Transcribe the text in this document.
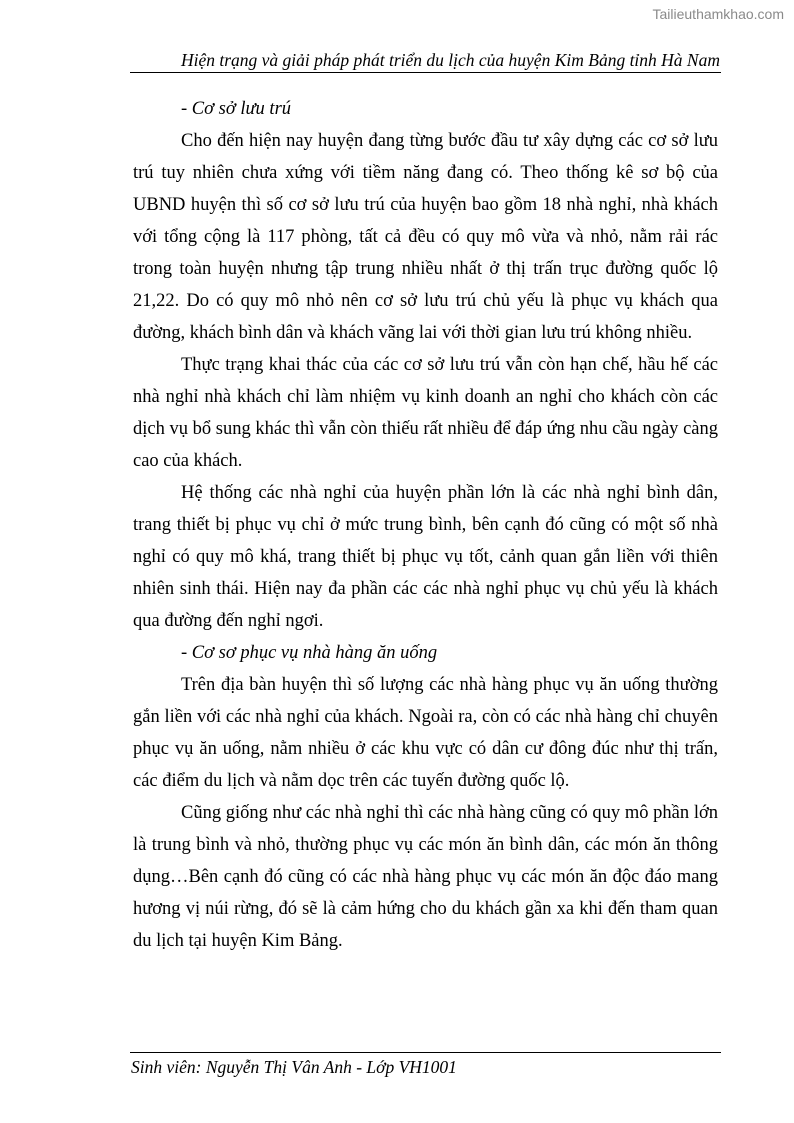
Tailieuthamkhao.com
Hiện trạng và giải pháp phát triển du lịch của huyện Kim Bảng tỉnh Hà Nam

- Cơ sở lưu trú

Cho đến hiện nay huyện đang từng bước đầu tư xây dựng các cơ sở lưu trú tuy nhiên chưa xứng với tiềm năng đang có. Theo thống kê sơ bộ của UBND huyện thì số cơ sở lưu trú của huyện bao gồm 18 nhà nghỉ, nhà khách với tổng cộng là 117 phòng, tất cả đều có quy mô vừa và nhỏ, nằm rải rác trong toàn huyện nhưng tập trung nhiều nhất ở thị trấn trục đường quốc lộ 21,22. Do có quy mô nhỏ nên cơ sở lưu trú chủ yếu là phục vụ khách qua đường, khách bình dân và khách vãng lai với thời gian lưu trú không nhiều.

Thực trạng khai thác của các cơ sở lưu trú vẫn còn hạn chế, hầu hế các nhà nghỉ nhà khách chỉ làm nhiệm vụ kinh doanh an nghỉ cho khách còn các dịch vụ bổ sung khác thì vẫn còn thiếu rất nhiều để đáp ứng nhu cầu ngày càng cao của khách.

Hệ thống các nhà nghỉ của huyện phần lớn là các nhà nghỉ bình dân, trang thiết bị phục vụ chỉ ở mức trung bình, bên cạnh đó cũng có một số nhà nghỉ có quy mô khá, trang thiết bị phục vụ tốt, cảnh quan gắn liền với thiên nhiên sinh thái. Hiện nay đa phần các các nhà nghỉ phục vụ chủ yếu là khách qua đường đến nghỉ ngơi.

- Cơ sơ phục vụ nhà hàng ăn uống

Trên địa bàn huyện thì số lượng các nhà hàng phục vụ ăn uống thường gắn liền với các nhà nghỉ của khách. Ngoài ra, còn có các nhà hàng chỉ chuyên phục vụ ăn uống, nằm nhiều ở các khu vực có dân cư đông đúc như thị trấn, các điểm du lịch và nằm dọc trên các tuyến đường quốc lộ.

Cũng giống như các nhà nghỉ thì các nhà hàng cũng có quy mô phần lớn là trung bình và nhỏ, thường phục vụ các món ăn bình dân, các món ăn thông dụng…Bên cạnh đó cũng có các nhà hàng phục vụ các món ăn độc đáo mang hương vị núi rừng, đó sẽ là cảm hứng cho du khách gần xa khi đến tham quan du lịch tại huyện Kim Bảng.

Sinh viên: Nguyễn Thị Vân Anh - Lớp VH1001
